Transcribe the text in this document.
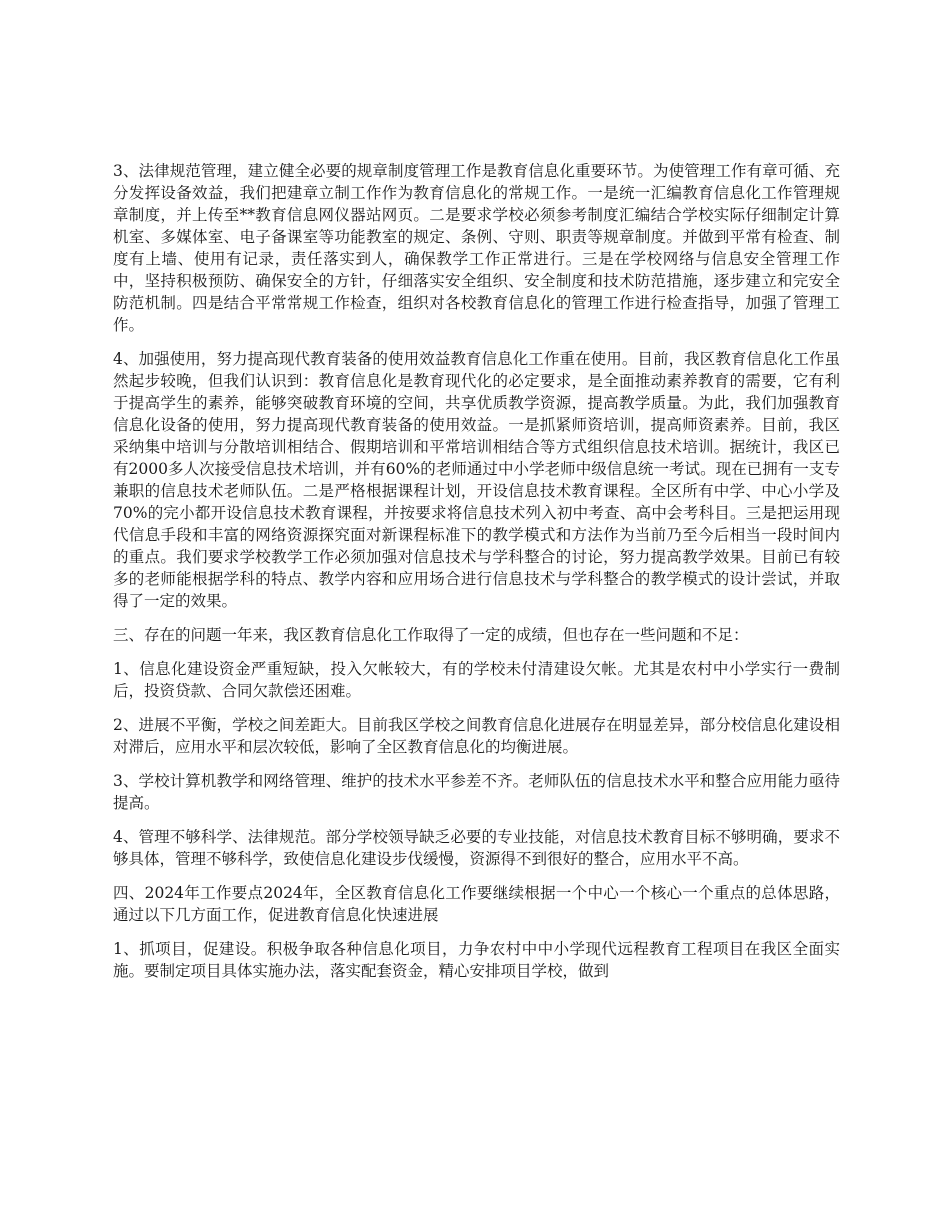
3、法律规范管理，建立健全必要的规章制度管理工作是教育信息化重要环节。为使管理工作有章可循、充分发挥设备效益，我们把建章立制工作作为教育信息化的常规工作。一是统一汇编教育信息化工作管理规章制度，并上传至**教育信息网仪器站网页。二是要求学校必须参考制度汇编结合学校实际仔细制定计算机室、多媒体室、电子备课室等功能教室的规定、条例、守则、职责等规章制度。并做到平常有检查、制度有上墙、使用有记录，责任落实到人，确保教学工作正常进行。三是在学校网络与信息安全管理工作中，坚持积极预防、确保安全的方针，仔细落实安全组织、安全制度和技术防范措施，逐步建立和完安全防范机制。四是结合平常常规工作检查，组织对各校教育信息化的管理工作进行检查指导，加强了管理工作。

4、加强使用，努力提高现代教育装备的使用效益教育信息化工作重在使用。目前，我区教育信息化工作虽然起步较晚，但我们认识到：教育信息化是教育现代化的必定要求，是全面推动素养教育的需要，它有利于提高学生的素养，能够突破教育环境的空间，共享优质教学资源，提高教学质量。为此，我们加强教育信息化设备的使用，努力提高现代教育装备的使用效益。一是抓紧师资培训，提高师资素养。目前，我区采纳集中培训与分散培训相结合、假期培训和平常培训相结合等方式组织信息技术培训。据统计，我区已有2000多人次接受信息技术培训，并有60%的老师通过中小学老师中级信息统一考试。现在已拥有一支专兼职的信息技术老师队伍。二是严格根据课程计划，开设信息技术教育课程。全区所有中学、中心小学及70%的完小都开设信息技术教育课程，并按要求将信息技术列入初中考查、高中会考科目。三是把运用现代信息手段和丰富的网络资源探究面对新课程标准下的教学模式和方法作为当前乃至今后相当一段时间内的重点。我们要求学校教学工作必须加强对信息技术与学科整合的讨论，努力提高教学效果。目前已有较多的老师能根据学科的特点、教学内容和应用场合进行信息技术与学科整合的教学模式的设计尝试，并取得了一定的效果。

三、存在的问题一年来，我区教育信息化工作取得了一定的成绩，但也存在一些问题和不足：

1、信息化建设资金严重短缺，投入欠帐较大，有的学校未付清建设欠帐。尤其是农村中小学实行一费制后，投资贷款、合同欠款偿还困难。

2、进展不平衡，学校之间差距大。目前我区学校之间教育信息化进展存在明显差异，部分校信息化建设相对滞后，应用水平和层次较低，影响了全区教育信息化的均衡进展。

3、学校计算机教学和网络管理、维护的技术水平参差不齐。老师队伍的信息技术水平和整合应用能力亟待提高。

4、管理不够科学、法律规范。部分学校领导缺乏必要的专业技能，对信息技术教育目标不够明确，要求不够具体，管理不够科学，致使信息化建设步伐缓慢，资源得不到很好的整合，应用水平不高。

四、2024年工作要点2024年，全区教育信息化工作要继续根据一个中心一个核心一个重点的总体思路，通过以下几方面工作，促进教育信息化快速进展

1、抓项目，促建设。积极争取各种信息化项目，力争农村中中小学现代远程教育工程项目在我区全面实施。要制定项目具体实施办法，落实配套资金，精心安排项目学校，做到
